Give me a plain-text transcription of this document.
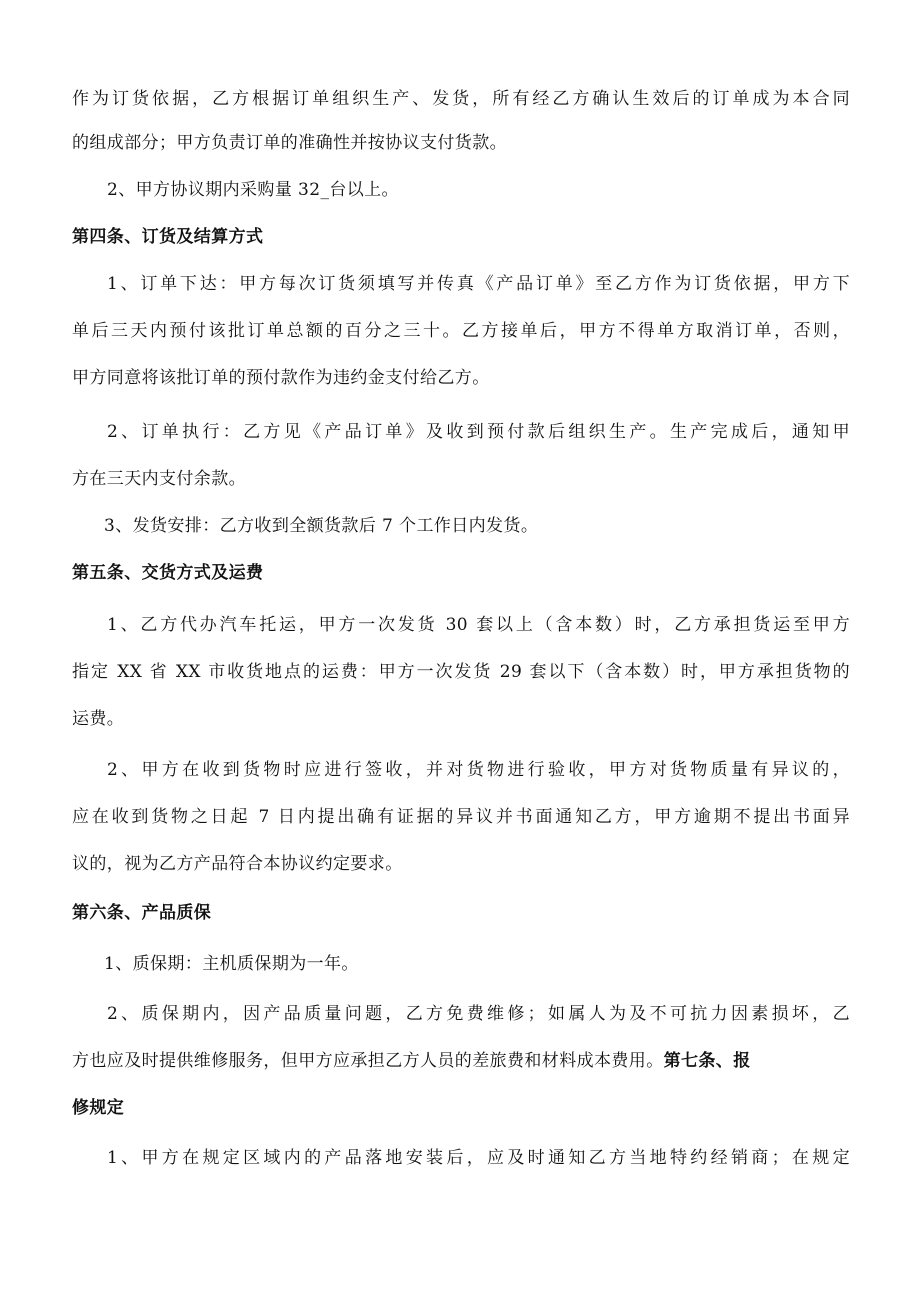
作为订货依据，乙方根据订单组织生产、发货，所有经乙方确认生效后的订单成为本合同
的组成部分；甲方负责订单的准确性并按协议支付货款。
2、甲方协议期内采购量 32_台以上。
第四条、订货及结算方式
1、订单下达：甲方每次订货须填写并传真《产品订单》至乙方作为订货依据，甲方下
单后三天内预付该批订单总额的百分之三十。乙方接单后，甲方不得单方取消订单，否则，
甲方同意将该批订单的预付款作为违约金支付给乙方。
2、订单执行：乙方见《产品订单》及收到预付款后组织生产。生产完成后，通知甲
方在三天内支付余款。
3、发货安排：乙方收到全额货款后 7 个工作日内发货。
第五条、交货方式及运费
1、乙方代办汽车托运，甲方一次发货 30 套以上（含本数）时，乙方承担货运至甲方
指定 XX 省 XX 市收货地点的运费：甲方一次发货 29 套以下（含本数）时，甲方承担货物的
运费。
2、甲方在收到货物时应进行签收，并对货物进行验收，甲方对货物质量有异议的，
应在收到货物之日起 7 日内提出确有证据的异议并书面通知乙方，甲方逾期不提出书面异
议的，视为乙方产品符合本协议约定要求。
第六条、产品质保
1、质保期：主机质保期为一年。
2、质保期内，因产品质量问题，乙方免费维修；如属人为及不可抗力因素损坏，乙
方也应及时提供维修服务，但甲方应承担乙方人员的差旅费和材料成本费用。第七条、报
修规定
1、甲方在规定区域内的产品落地安装后，应及时通知乙方当地特约经销商；在规定
